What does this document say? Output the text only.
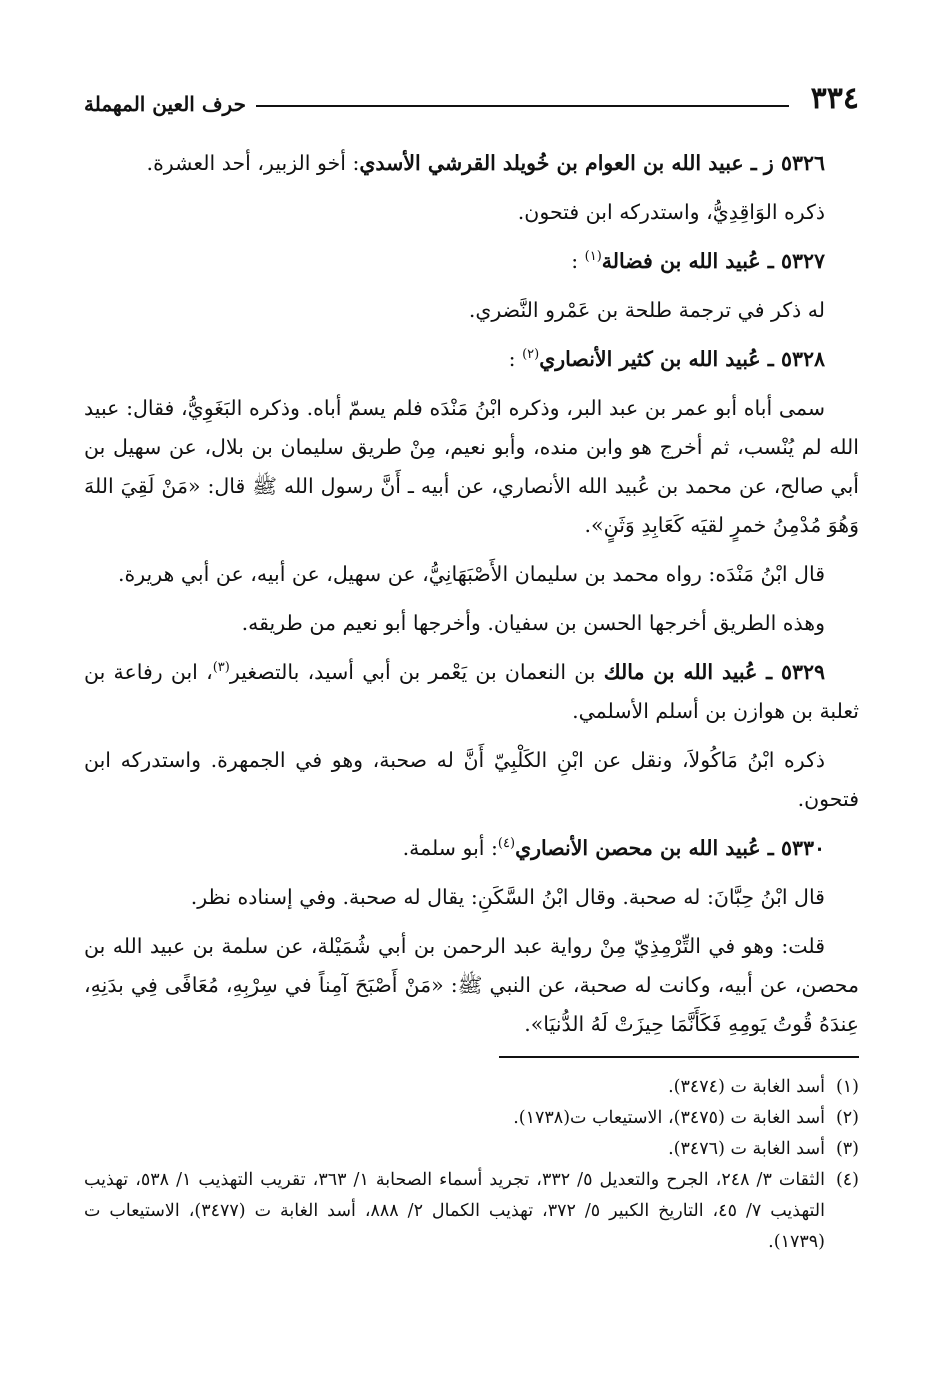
٣٣٤
حرف العين المهملة

٥٣٢٦ ز ـ عبيد الله بن العوام بن خُويلد القرشي الأسدي: أخو الزبير، أحد العشرة.

ذكره الوَاقِدِيُّ، واستدركه ابن فتحون.

٥٣٢٧ ـ عُبيد الله بن فضالة$^{(١)}$ :

له ذكر في ترجمة طلحة بن عَمْرو النَّضري.

٥٣٢٨ ـ عُبيد الله بن كثير الأنصاري$^{(٢)}$ :

سمى أباه أبو عمر بن عبد البر، وذكره ابْنُ مَنْدَه فلم يسمّ أباه. وذكره البَغَوِيُّ، فقال: عبيد الله لم يُنْسب، ثم أخرج هو وابن منده، وأبو نعيم، مِنْ طريق سليمان بن بلال، عن سهيل بن أبي صالح، عن محمد بن عُبيد الله الأنصاري، عن أبيه ـ أَنَّ رسول الله ﷺ قال: «مَنْ لَقِيَ اللهَ وَهُوَ مُدْمِنُ خمرٍ لقيَه كَعَابِدِ وَثَنٍ».

قال ابْنُ مَنْدَه: رواه محمد بن سليمان الأَصْبَهَانِيُّ، عن سهيل، عن أبيه، عن أبي هريرة.

وهذه الطريق أخرجها الحسن بن سفيان. وأخرجها أبو نعيم من طريقه.

٥٣٢٩ ـ عُبيد الله بن مالك بن النعمان بن يَعْمر بن أبي أسيد، بالتصغير$^{(٣)}$، ابن رفاعة بن ثعلبة بن هوازن بن أسلم الأسلمي.

ذكره ابْنُ مَاكُولاَ، ونقل عن ابْنِ الكَلْبِيّ أَنَّ له صحبة، وهو في الجمهرة. واستدركه ابن فتحون.

٥٣٣٠ ـ عُبيد الله بن محصن الأنصاري$^{(٤)}$: أبو سلمة.

قال ابْنُ حِبَّانَ: له صحبة. وقال ابْنُ السَّكَنِ: يقال له صحبة. وفي إسناده نظر.

قلت: وهو في التِّرْمِذِيّ مِنْ رواية عبد الرحمن بن أبي شُمَيْلة، عن سلمة بن عبيد الله بن محصن، عن أبيه، وكانت له صحبة، عن النبي ﷺ: «مَنْ أَصْبَحَ آمِناً في سِرْبِهِ، مُعَافًى فِي بدَنِهِ، عِندَهُ قُوتُ يَومِهِ فَكَأَنَّمَا حِيزَتْ لَهُ الدُّنيَا».

(١)
أسد الغابة ت (٣٤٧٤).

(٢)
أسد الغابة ت (٣٤٧٥)، الاستيعاب ت(١٧٣٨).

(٣)
أسد الغابة ت (٣٤٧٦).

(٤)
الثقات ٣/ ٢٤٨، الجرح والتعديل ٥/ ٣٣٢، تجريد أسماء الصحابة ١/ ٣٦٣، تقريب التهذيب ١/ ٥٣٨، تهذيب التهذيب ٧/ ٤٥، التاريخ الكبير ٥/ ٣٧٢، تهذيب الكمال ٢/ ٨٨٨، أسد الغابة ت (٣٤٧٧)، الاستيعاب ت (١٧٣٩).
